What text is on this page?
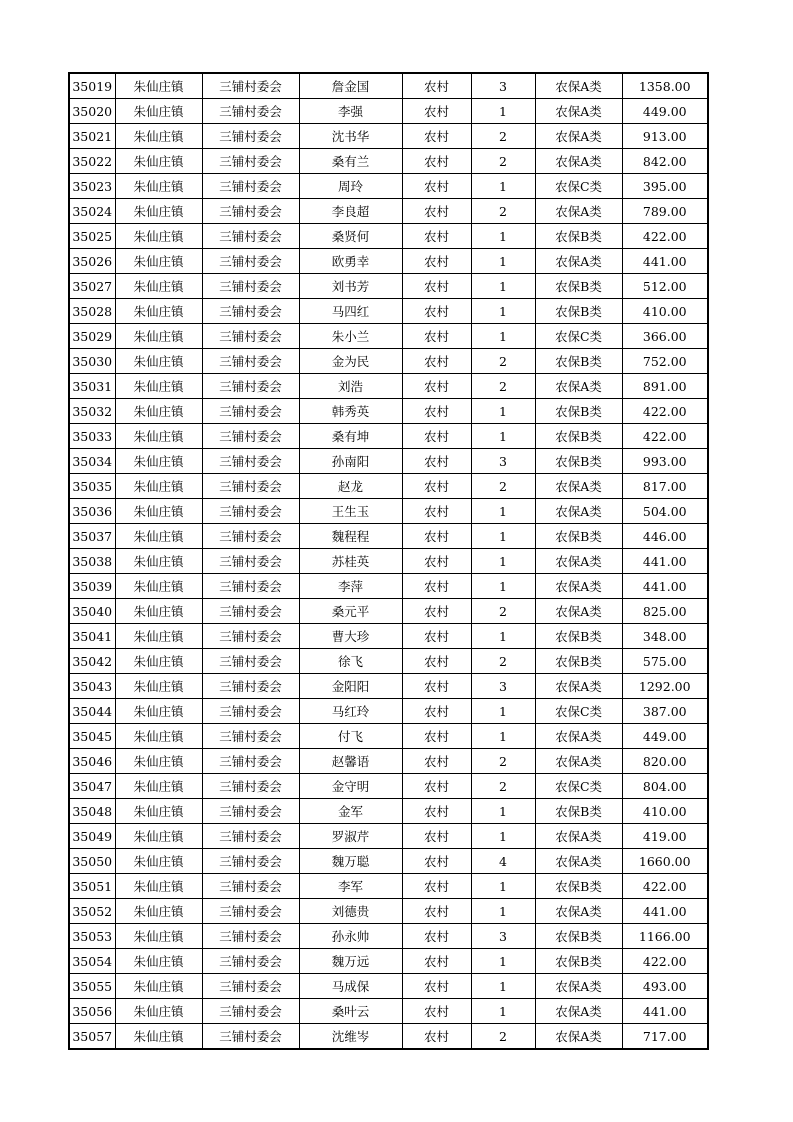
35019	朱仙庄镇	三铺村委会	詹金国	农村	3	农保A类	1358.00
35020	朱仙庄镇	三铺村委会	李强	农村	1	农保A类	449.00
35021	朱仙庄镇	三铺村委会	沈书华	农村	2	农保A类	913.00
35022	朱仙庄镇	三铺村委会	桑有兰	农村	2	农保A类	842.00
35023	朱仙庄镇	三铺村委会	周玲	农村	1	农保C类	395.00
35024	朱仙庄镇	三铺村委会	李良超	农村	2	农保A类	789.00
35025	朱仙庄镇	三铺村委会	桑贤何	农村	1	农保B类	422.00
35026	朱仙庄镇	三铺村委会	欧勇幸	农村	1	农保A类	441.00
35027	朱仙庄镇	三铺村委会	刘书芳	农村	1	农保B类	512.00
35028	朱仙庄镇	三铺村委会	马四红	农村	1	农保B类	410.00
35029	朱仙庄镇	三铺村委会	朱小兰	农村	1	农保C类	366.00
35030	朱仙庄镇	三铺村委会	金为民	农村	2	农保B类	752.00
35031	朱仙庄镇	三铺村委会	刘浩	农村	2	农保A类	891.00
35032	朱仙庄镇	三铺村委会	韩秀英	农村	1	农保B类	422.00
35033	朱仙庄镇	三铺村委会	桑有坤	农村	1	农保B类	422.00
35034	朱仙庄镇	三铺村委会	孙南阳	农村	3	农保B类	993.00
35035	朱仙庄镇	三铺村委会	赵龙	农村	2	农保A类	817.00
35036	朱仙庄镇	三铺村委会	王生玉	农村	1	农保A类	504.00
35037	朱仙庄镇	三铺村委会	魏程程	农村	1	农保B类	446.00
35038	朱仙庄镇	三铺村委会	苏桂英	农村	1	农保A类	441.00
35039	朱仙庄镇	三铺村委会	李萍	农村	1	农保A类	441.00
35040	朱仙庄镇	三铺村委会	桑元平	农村	2	农保A类	825.00
35041	朱仙庄镇	三铺村委会	曹大珍	农村	1	农保B类	348.00
35042	朱仙庄镇	三铺村委会	徐飞	农村	2	农保B类	575.00
35043	朱仙庄镇	三铺村委会	金阳阳	农村	3	农保A类	1292.00
35044	朱仙庄镇	三铺村委会	马红玲	农村	1	农保C类	387.00
35045	朱仙庄镇	三铺村委会	付飞	农村	1	农保A类	449.00
35046	朱仙庄镇	三铺村委会	赵馨语	农村	2	农保A类	820.00
35047	朱仙庄镇	三铺村委会	金守明	农村	2	农保C类	804.00
35048	朱仙庄镇	三铺村委会	金军	农村	1	农保B类	410.00
35049	朱仙庄镇	三铺村委会	罗淑芹	农村	1	农保A类	419.00
35050	朱仙庄镇	三铺村委会	魏万聪	农村	4	农保A类	1660.00
35051	朱仙庄镇	三铺村委会	李军	农村	1	农保B类	422.00
35052	朱仙庄镇	三铺村委会	刘德贵	农村	1	农保A类	441.00
35053	朱仙庄镇	三铺村委会	孙永帅	农村	3	农保B类	1166.00
35054	朱仙庄镇	三铺村委会	魏万远	农村	1	农保B类	422.00
35055	朱仙庄镇	三铺村委会	马成保	农村	1	农保A类	493.00
35056	朱仙庄镇	三铺村委会	桑叶云	农村	1	农保A类	441.00
35057	朱仙庄镇	三铺村委会	沈维岑	农村	2	农保A类	717.00
